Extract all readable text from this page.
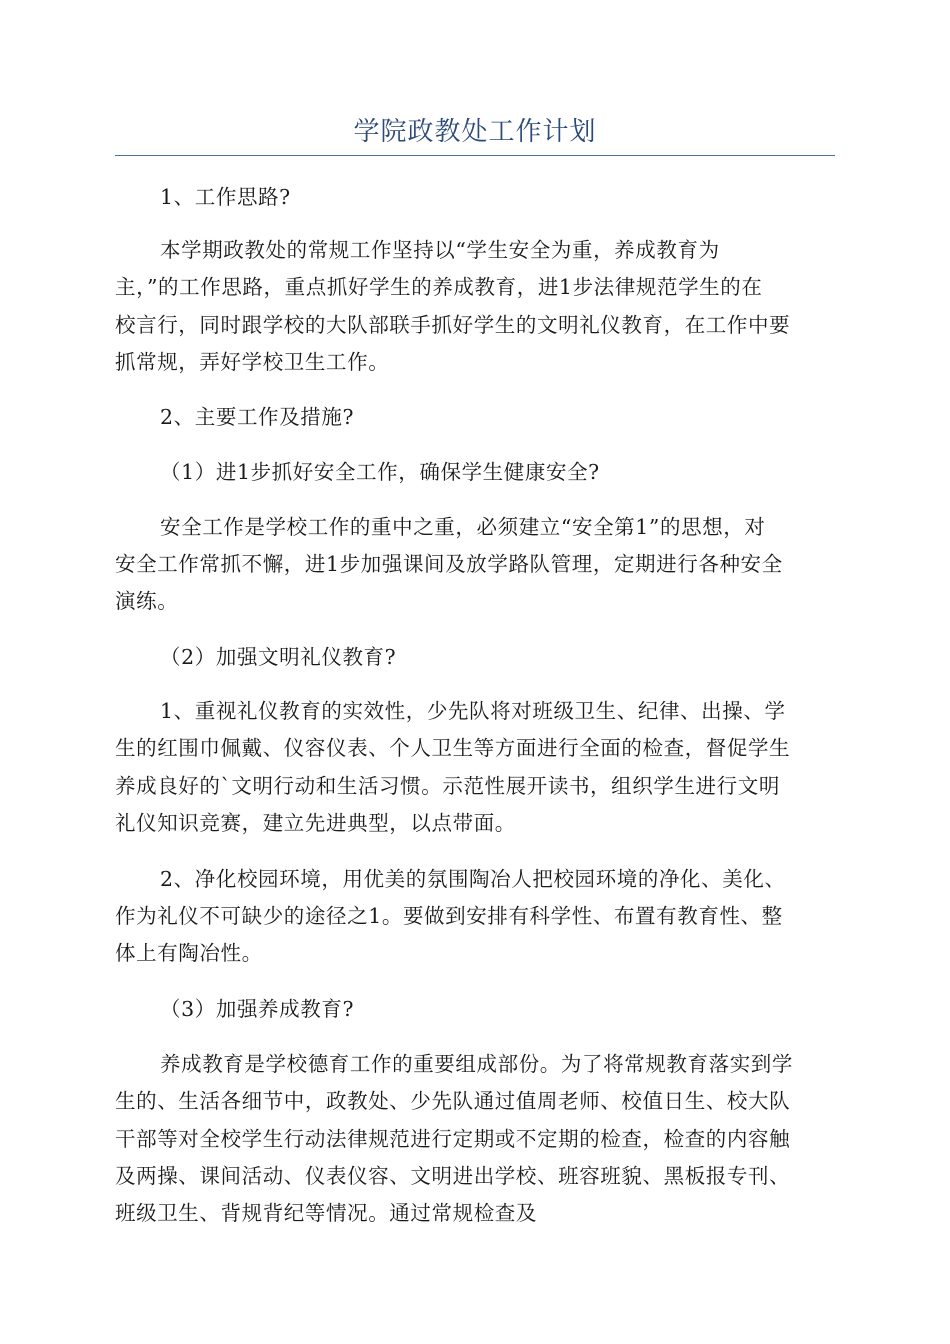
学院政教处工作计划
1、工作思路?
本学期政教处的常规工作坚持以“学生安全为重，养成教育为
主，”的工作思路，重点抓好学生的养成教育，进1步法律规范学生的在
校言行，同时跟学校的大队部联手抓好学生的文明礼仪教育，在工作中要
抓常规，弄好学校卫生工作。
2、主要工作及措施?
（1）进1步抓好安全工作，确保学生健康安全?
安全工作是学校工作的重中之重，必须建立“安全第1”的思想，对
安全工作常抓不懈，进1步加强课间及放学路队管理，定期进行各种安全
演练。
（2）加强文明礼仪教育?
1、重视礼仪教育的实效性，少先队将对班级卫生、纪律、出操、学
生的红围巾佩戴、仪容仪表、个人卫生等方面进行全面的检查，督促学生
养成良好的`文明行动和生活习惯。示范性展开读书，组织学生进行文明
礼仪知识竞赛，建立先进典型，以点带面。
2、净化校园环境，用优美的氛围陶冶人把校园环境的净化、美化、
作为礼仪不可缺少的途径之1。要做到安排有科学性、布置有教育性、整
体上有陶冶性。
（3）加强养成教育?
养成教育是学校德育工作的重要组成部份。为了将常规教育落实到学
生的、生活各细节中，政教处、少先队通过值周老师、校值日生、校大队
干部等对全校学生行动法律规范进行定期或不定期的检查，检查的内容触
及两操、课间活动、仪表仪容、文明进出学校、班容班貌、黑板报专刊、
班级卫生、背规背纪等情况。通过常规检查及
